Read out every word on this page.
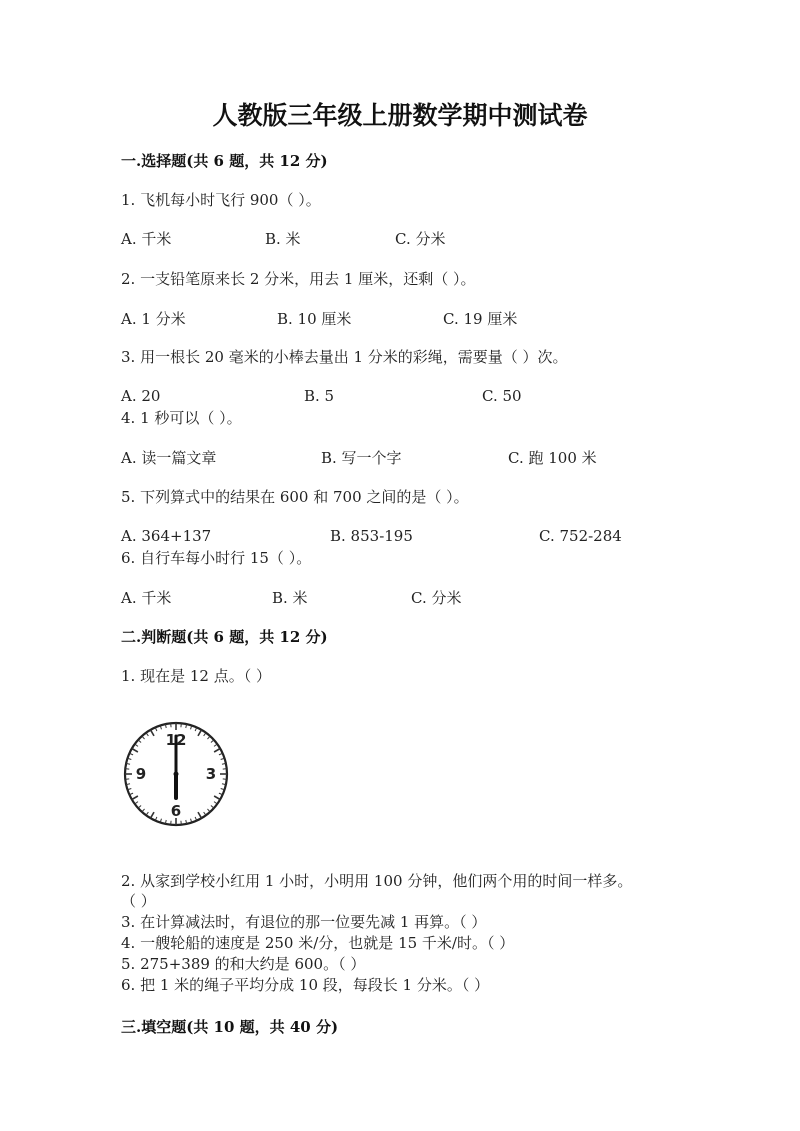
人教版三年级上册数学期中测试卷
一.选择题(共 6 题，共 12 分)
1. 飞机每小时飞行 900（ ）。
A. 千米	B. 米	C. 分米
2. 一支铅笔原来长 2 分米，用去 1 厘米，还剩（ ）。
A. 1 分米	B. 10 厘米	C. 19 厘米
3. 用一根长 20 毫米的小棒去量出 1 分米的彩绳，需要量（ ）次。
A. 20	B. 5	C. 50
4. 1 秒可以（ ）。
A. 读一篇文章	B. 写一个字	C. 跑 100 米
5. 下列算式中的结果在 600 和 700 之间的是（ ）。
A. 364+137	B. 853-195	C. 752-284
6. 自行车每小时行 15（ ）。
A. 千米	B. 米	C. 分米
二.判断题(共 6 题，共 12 分)
1. 现在是 12 点。（ ）
12
3
6
9
2. 从家到学校小红用 1 小时，小明用 100 分钟，他们两个用的时间一样多。
（ ）
3. 在计算减法时，有退位的那一位要先减 1 再算。（ ）
4. 一艘轮船的速度是 250 米/分，也就是 15 千米/时。（ ）
5. 275+389 的和大约是 600。（ ）
6. 把 1 米的绳子平均分成 10 段，每段长 1 分米。（ ）
三.填空题(共 10 题，共 40 分)
